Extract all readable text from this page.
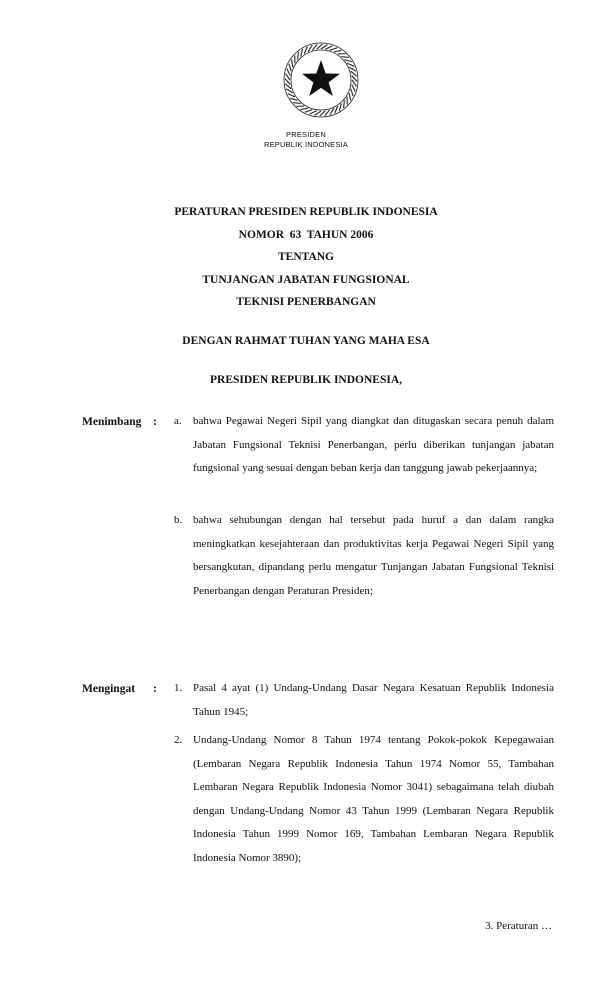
PRESIDEN
REPUBLIK INDONESIA
PERATURAN PRESIDEN REPUBLIK INDONESIA
NOMOR  63  TAHUN 2006
TENTANG
TUNJANGAN JABATAN FUNGSIONAL
TEKNISI PENERBANGAN
DENGAN RAHMAT TUHAN YANG MAHA ESA
PRESIDEN REPUBLIK INDONESIA,
Menimbang : a. bahwa Pegawai Negeri Sipil yang diangkat dan ditugaskan secara penuh dalam Jabatan Fungsional Teknisi Penerbangan, perlu diberikan tunjangan jabatan fungsional yang sesuai dengan beban kerja dan tanggung jawab pekerjaannya;
b. bahwa sehubungan dengan hal tersebut pada huruf a dan dalam rangka meningkatkan kesejahteraan dan produktivitas kerja Pegawai Negeri Sipil yang bersangkutan, dipandang perlu mengatur Tunjangan Jabatan Fungsional Teknisi Penerbangan dengan Peraturan Presiden;
Mengingat : 1. Pasal 4 ayat (1) Undang-Undang Dasar Negara Kesatuan Republik Indonesia Tahun 1945;
2. Undang-Undang Nomor 8 Tahun 1974 tentang Pokok-pokok Kepegawaian (Lembaran Negara Republik Indonesia Tahun 1974 Nomor 55, Tambahan Lembaran Negara Republik Indonesia Nomor 3041) sebagaimana telah diubah dengan Undang-Undang Nomor 43 Tahun 1999 (Lembaran Negara Republik Indonesia Tahun 1999 Nomor 169, Tambahan Lembaran Negara Republik Indonesia Nomor 3890);
3. Peraturan …
